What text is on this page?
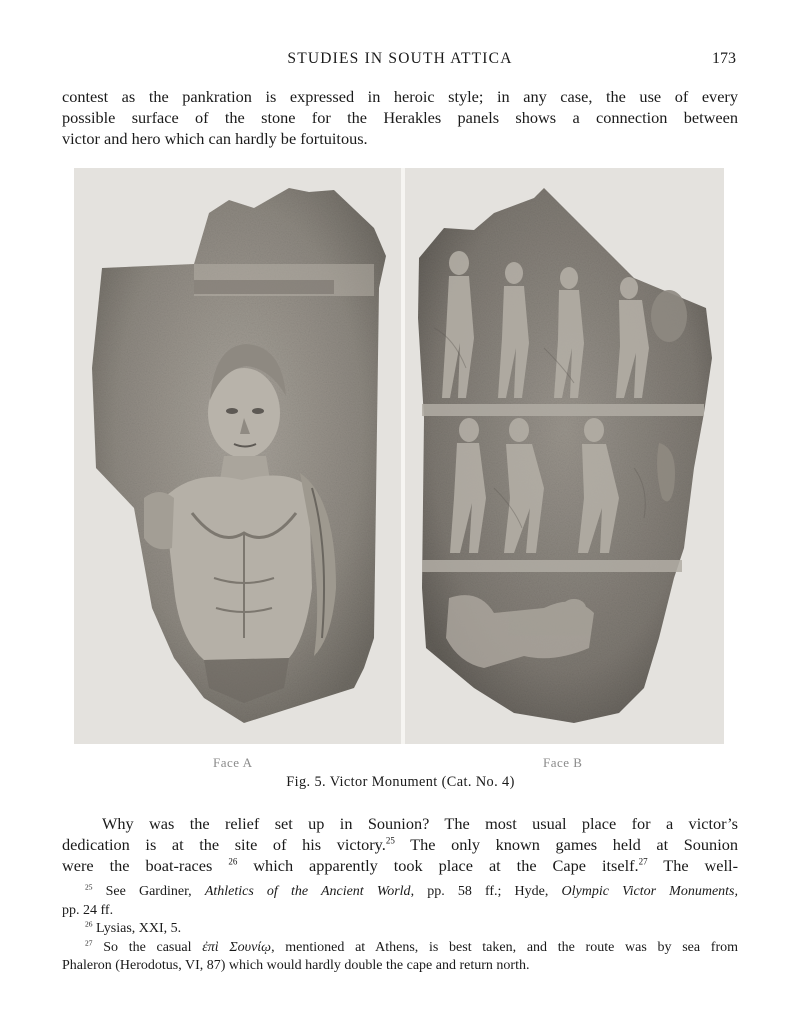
STUDIES IN SOUTH ATTICA	173
contest as the pankration is expressed in heroic style; in any case, the use of every
possible surface of the stone for the Herakles panels shows a connection between
victor and hero which can hardly be fortuitous.
Face A	Face B
Fig. 5. Victor Monument (Cat. No. 4)
Why was the relief set up in Sounion? The most usual place for a victor’s
dedication is at the site of his victory.$^{25}$ The only known games held at Sounion
were the boat-races $^{26}$ which apparently took place at the Cape itself.$^{27}$ The well-
$^{25}$ See Gardiner, Athletics of the Ancient World, pp. 58 ff.; Hyde, Olympic Victor Monuments,
pp. 24 ff.
$^{26}$ Lysias, XXI, 5.
$^{27}$ So the casual ἐπὶ Σουνίῳ, mentioned at Athens, is best taken, and the route was by sea from
Phaleron (Herodotus, VI, 87) which would hardly double the cape and return north.
